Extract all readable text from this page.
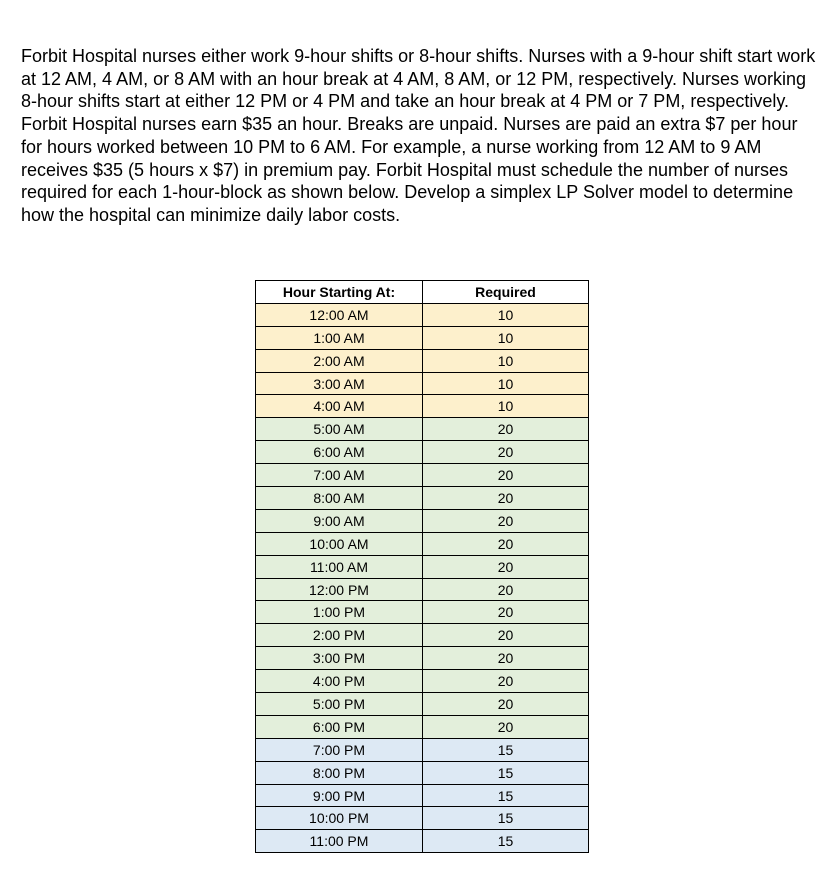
Forbit Hospital nurses either work 9-hour shifts or 8-hour shifts. Nurses with a 9-hour shift start work at 12 AM, 4 AM, or 8 AM with an hour break at 4 AM, 8 AM, or 12 PM, respectively. Nurses working 8-hour shifts start at either 12 PM or 4 PM and take an hour break at 4 PM or 7 PM, respectively. Forbit Hospital nurses earn $35 an hour. Breaks are unpaid. Nurses are paid an extra $7 per hour for hours worked between 10 PM to 6 AM. For example, a nurse working from 12 AM to 9 AM receives $35 (5 hours x $7) in premium pay. Forbit Hospital must schedule the number of nurses required for each 1-hour-block as shown below. Develop a simplex LP Solver model to determine how the hospital can minimize daily labor costs.

Hour Starting At:	Required
12:00 AM	10
1:00 AM	10
2:00 AM	10
3:00 AM	10
4:00 AM	10
5:00 AM	20
6:00 AM	20
7:00 AM	20
8:00 AM	20
9:00 AM	20
10:00 AM	20
11:00 AM	20
12:00 PM	20
1:00 PM	20
2:00 PM	20
3:00 PM	20
4:00 PM	20
5:00 PM	20
6:00 PM	20
7:00 PM	15
8:00 PM	15
9:00 PM	15
10:00 PM	15
11:00 PM	15
